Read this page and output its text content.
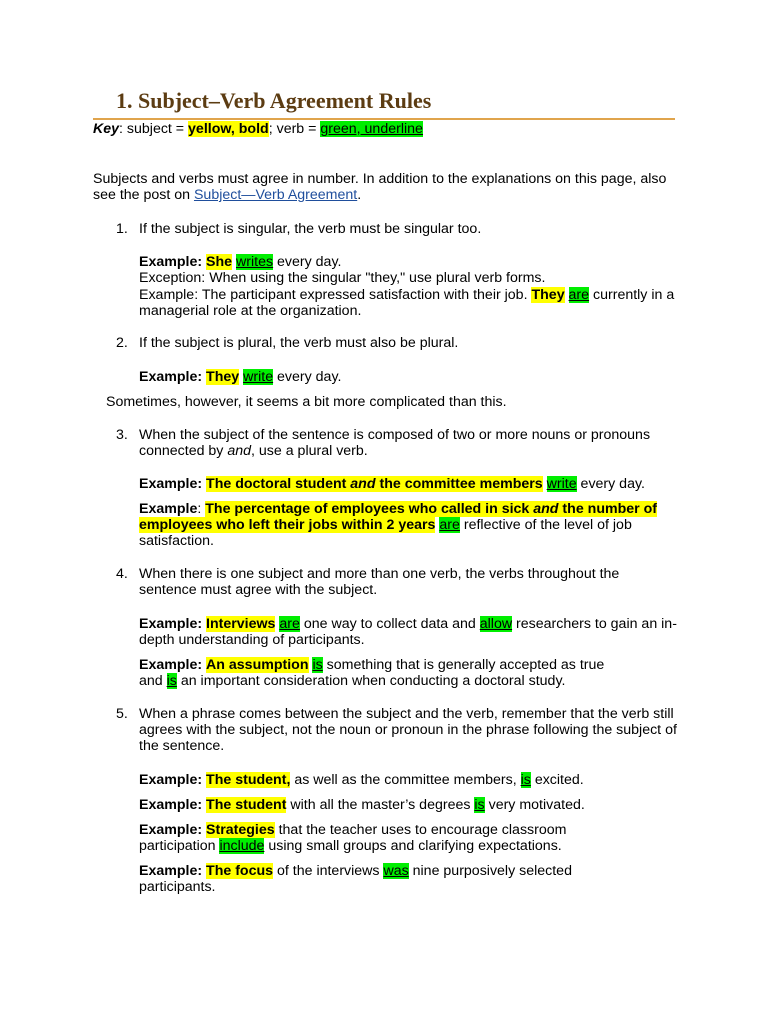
1. Subject–Verb Agreement Rules
Key: subject = yellow, bold; verb = green, underline
Subjects and verbs must agree in number. In addition to the explanations on this page, also see the post on Subject—Verb Agreement.
1. If the subject is singular, the verb must be singular too.
Example: She writes every day.
Exception: When using the singular "they," use plural verb forms.
Example: The participant expressed satisfaction with their job. They are currently in a managerial role at the organization.
2. If the subject is plural, the verb must also be plural.
Example: They write every day.
Sometimes, however, it seems a bit more complicated than this.
3. When the subject of the sentence is composed of two or more nouns or pronouns connected by and, use a plural verb.
Example: The doctoral student and the committee members write every day.
Example: The percentage of employees who called in sick and the number of employees who left their jobs within 2 years are reflective of the level of job satisfaction.
4. When there is one subject and more than one verb, the verbs throughout the sentence must agree with the subject.
Example: Interviews are one way to collect data and allow researchers to gain an in-depth understanding of participants.
Example: An assumption is something that is generally accepted as true and is an important consideration when conducting a doctoral study.
5. When a phrase comes between the subject and the verb, remember that the verb still agrees with the subject, not the noun or pronoun in the phrase following the subject of the sentence.
Example: The student, as well as the committee members, is excited.
Example: The student with all the master’s degrees is very motivated.
Example: Strategies that the teacher uses to encourage classroom participation include using small groups and clarifying expectations.
Example: The focus of the interviews was nine purposively selected participants.
